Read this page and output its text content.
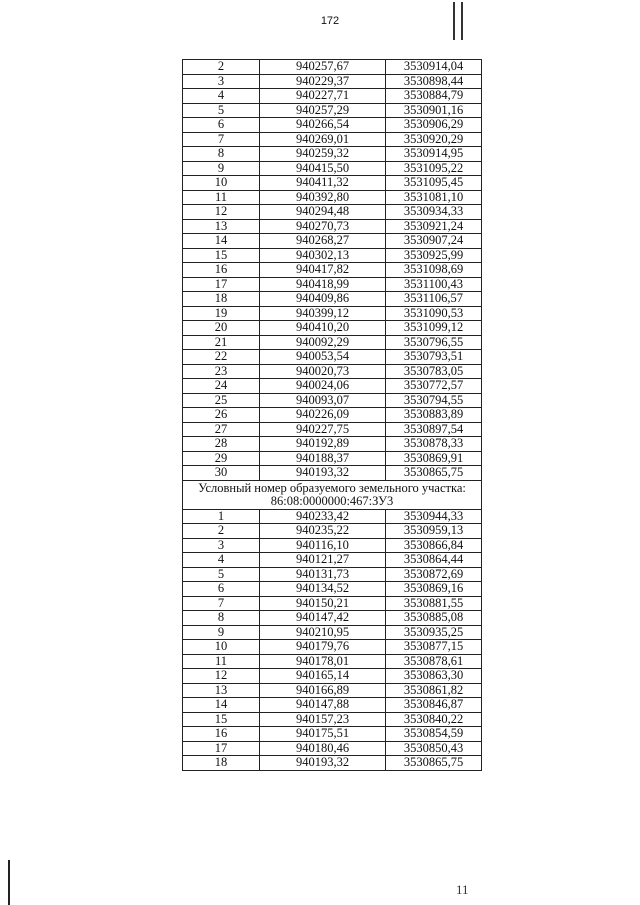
172
2	940257,67	3530914,04
3	940229,37	3530898,44
4	940227,71	3530884,79
5	940257,29	3530901,16
6	940266,54	3530906,29
7	940269,01	3530920,29
8	940259,32	3530914,95
9	940415,50	3531095,22
10	940411,32	3531095,45
11	940392,80	3531081,10
12	940294,48	3530934,33
13	940270,73	3530921,24
14	940268,27	3530907,24
15	940302,13	3530925,99
16	940417,82	3531098,69
17	940418,99	3531100,43
18	940409,86	3531106,57
19	940399,12	3531090,53
20	940410,20	3531099,12
21	940092,29	3530796,55
22	940053,54	3530793,51
23	940020,73	3530783,05
24	940024,06	3530772,57
25	940093,07	3530794,55
26	940226,09	3530883,89
27	940227,75	3530897,54
28	940192,89	3530878,33
29	940188,37	3530869,91
30	940193,32	3530865,75

Условный номер образуемого земельного участка:
86:08:0000000:467:ЗУ3		

1	940233,42	3530944,33
2	940235,22	3530959,13
3	940116,10	3530866,84
4	940121,27	3530864,44
5	940131,73	3530872,69
6	940134,52	3530869,16
7	940150,21	3530881,55
8	940147,42	3530885,08
9	940210,95	3530935,25
10	940179,76	3530877,15
11	940178,01	3530878,61
12	940165,14	3530863,30
13	940166,89	3530861,82
14	940147,88	3530846,87
15	940157,23	3530840,22
16	940175,51	3530854,59
17	940180,46	3530850,43
18	940193,32	3530865,75
11
